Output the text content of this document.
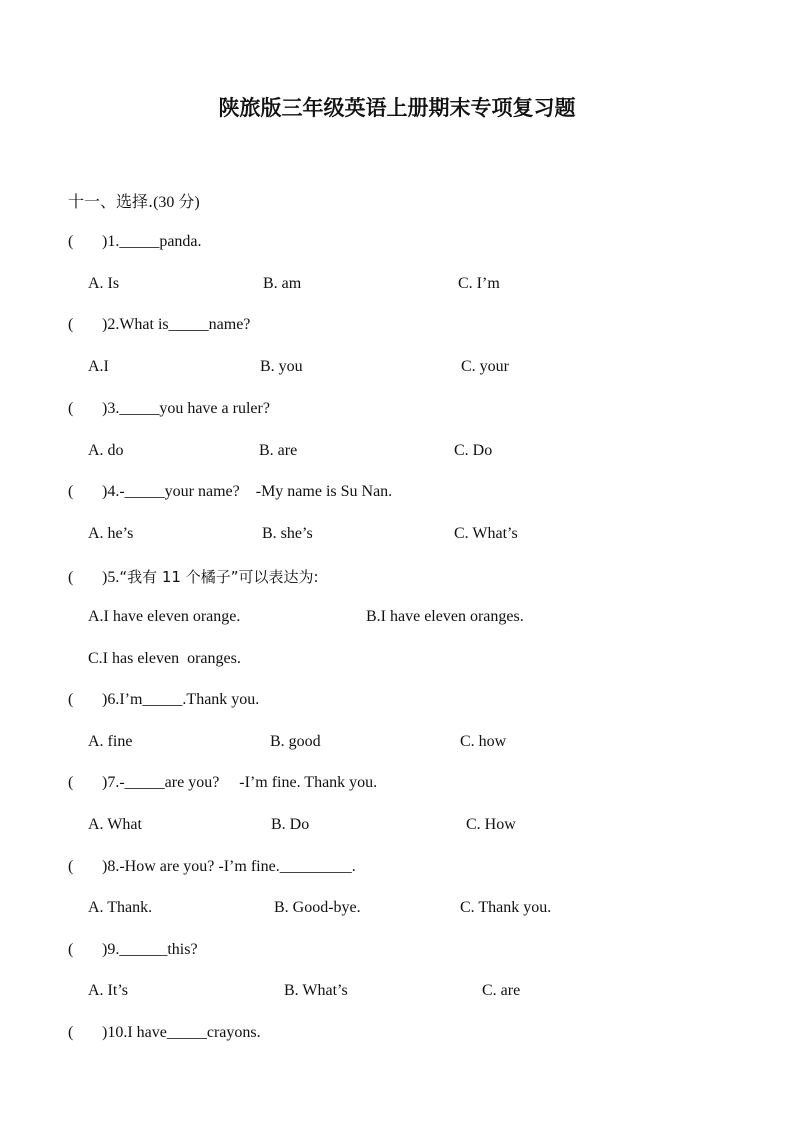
陕旅版三年级英语上册期末专项复习题
十一、选择.(30 分)
( )1._____panda.
A. Is	B. am	C. I’m
( )2.What is_____name?
A.I	B. you	C. your
( )3._____you have a ruler?
A. do	B. are	C. Do
( )4.-_____your name?    -My name is Su Nan.
A. he’s	B. she’s	C. What’s
( )5.“我有 11 个橘子”可以表达为:
A.I have eleven orange.	B.I have eleven oranges.
C.I has eleven  oranges.
( )6.I’m_____.Thank you.
A. fine	B. good	C. how
( )7.-_____are you?     -I’m fine. Thank you.
A. What	B. Do	C. How
( )8.-How are you? -I’m fine._________.
A. Thank.	B. Good-bye.	C. Thank you.
( )9.______this?
A. It’s	B. What’s	C. are
( )10.I have_____crayons.
